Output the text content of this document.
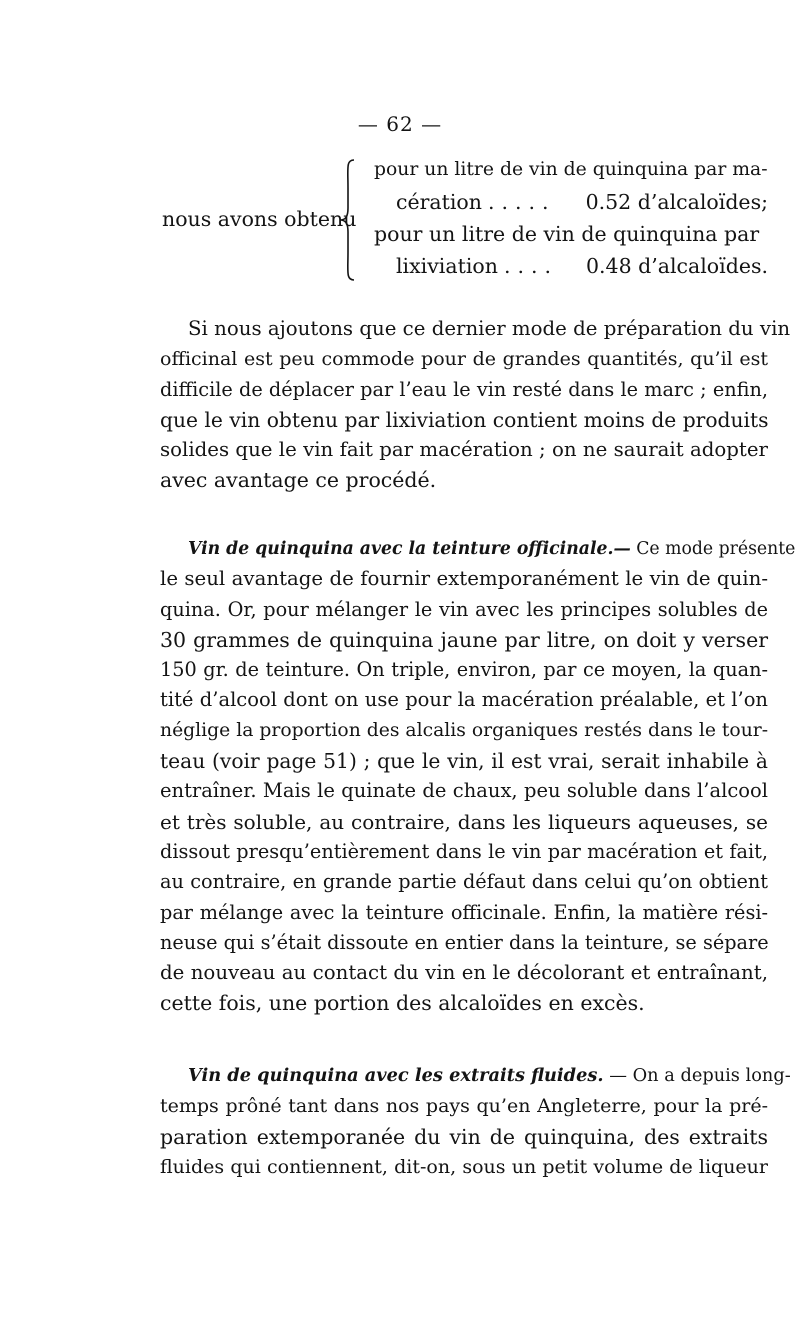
— 62 —
nous avons obtenu
pour un litre de vin de quinquina par ma-
cération .....	0.52 d’alcaloïdes;
pour un litre de vin de quinquina par
lixiviation ....	0.48 d’alcaloïdes.
Si nous ajoutons que ce dernier mode de préparation du vin
officinal est peu commode pour de grandes quantités, qu’il est
difficile de déplacer par l’eau le vin resté dans le marc ; enfin,
que le vin obtenu par lixiviation contient moins de produits
solides que le vin fait par macération ; on ne saurait adopter
avec avantage ce procédé.
Vin de quinquina avec la teinture officinale.— Ce mode présente
le seul avantage de fournir extemporanément le vin de quin-
quina. Or, pour mélanger le vin avec les principes solubles de
30 grammes de quinquina jaune par litre, on doit y verser
150 gr. de teinture. On triple, environ, par ce moyen, la quan-
tité d’alcool dont on use pour la macération préalable, et l’on
néglige la proportion des alcalis organiques restés dans le tour-
teau (voir page 51) ; que le vin, il est vrai, serait inhabile à
entraîner. Mais le quinate de chaux, peu soluble dans l’alcool
et très soluble, au contraire, dans les liqueurs aqueuses, se
dissout presqu’entièrement dans le vin par macération et fait,
au contraire, en grande partie défaut dans celui qu’on obtient
par mélange avec la teinture officinale. Enfin, la matière rési-
neuse qui s’était dissoute en entier dans la teinture, se sépare
de nouveau au contact du vin en le décolorant et entraînant,
cette fois, une portion des alcaloïdes en excès.
Vin de quinquina avec les extraits fluides. — On a depuis long-
temps prôné tant dans nos pays qu’en Angleterre, pour la pré-
paration extemporanée du vin de quinquina, des extraits
fluides qui contiennent, dit-on, sous un petit volume de liqueur
